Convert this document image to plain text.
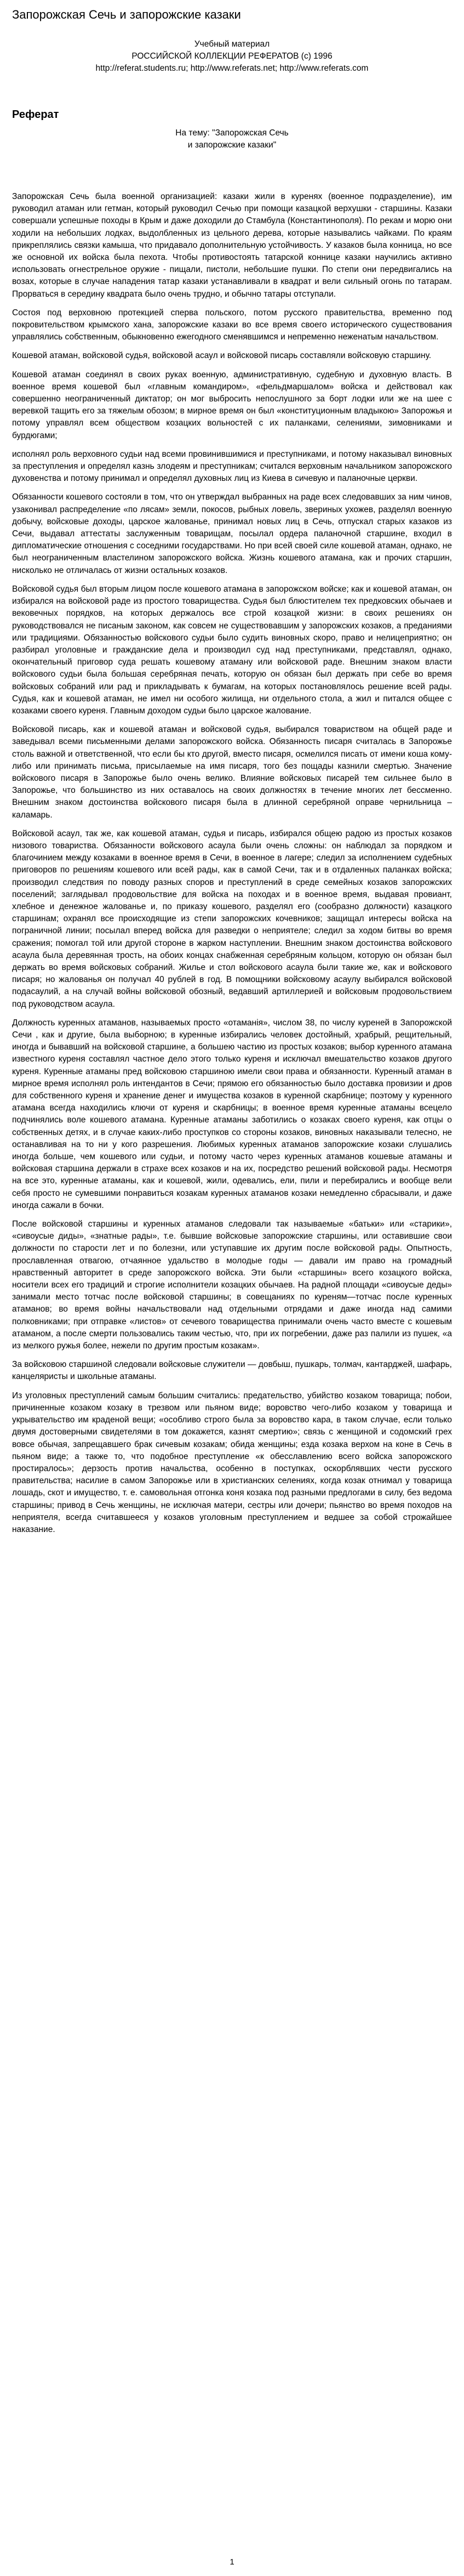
Запорожская Сечь и запорожские казаки
Учебный материал
РОССИЙСКОЙ КОЛЛЕКЦИИ РЕФЕРАТОВ (с) 1996
http://referat.students.ru; http://www.referats.net; http://www.referats.com
Реферат
На тему: "Запорожская Сечь
и запорожские казаки"

Запорожская Сечь была военной организацией: казаки жили в куренях (военное подразделение), им руководил атаман или гетман, который руководил Сечью при помощи казацкой верхушки - старшины. Казаки совершали успешные походы в Крым и даже доходили до Стамбула (Константинополя). По рекам и морю они ходили на небольших лодках, выдолбленных из цельного дерева, которые назывались чайками. По краям прикреплялись связки камыша, что придавало дополнительную устойчивость. У казаков была конница, но все же основной их войска была пехота. Чтобы противостоять татарской коннице казаки научились активно использовать огнестрельное оружие - пищали, пистоли, небольшие пушки. По степи они передвигались на возах, которые в случае нападения татар казаки устанавливали в квадрат и вели сильный огонь по татарам. Прорваться в середину квадрата было очень трудно, и обычно татары отступали.

Состоя под верховною протекцией сперва польского, потом русского правительства, временно под покровительством крымского хана, запорожские казаки во все время своего исторического существования управлялись собственным, обыкновенно ежегодного сменявшимся и непременно неженатым начальством.

Кошевой атаман, войсковой судья, войсковой асаул и войсковой писарь составляли войсковую старшину.

Кошевой атаман соединял в своих руках военную, административную, судебную и духовную власть. В военное время кошевой был «главным командиром», «фельдмаршалом» войска и действовал как совершенно неограниченный диктатор; он мог выбросить непослушного за борт лодки или же на шее с веревкой тащить его за тяжелым обозом; в мирное время он был «конституционным владыкою» Запорожья и потому управлял всем обществом козацких вольностей с их паланками, селениями, зимовниками и бурдюгами;

исполнял роль верховного судьи над всеми провинившимися и преступниками, и потому наказывал виновных за преступления и определял казнь злодеям и преступникам; считался верховным начальником запорожского духовенства и потому принимал и определял духовных лиц из Киева в сичевую и паланочные церкви.

Обязанности кошевого состояли в том, что он утверждал выбранных на раде всех следовавших за ним чинов, узаконивал распределение «по лясам» земли, покосов, рыбных ловель, звериных ухожев, разделял военную добычу, войсковые доходы, царское жалованье, принимал новых лиц в Сечь, отпускал старых казаков из Сечи, выдавал аттестаты заслуженным товарищам, посылал ордера паланочной старшине, входил в дипломатические отношения с соседними государствами. Но при всей своей силе кошевой атаман, однако, не был неограниченным властелином запорожского войска. Жизнь кошевого атамана, как и прочих старшин, нисколько не отличалась от жизни остальных козаков.

Войсковой судья был вторым лицом после кошевого атамана в запорожском войске; как и кошевой атаман, он избирался на войсковой раде из простого товарищества. Судья был блюстителем тех предковских обычаев и вековечных порядков, на которых держалось все строй козацкой жизни: в своих решениях он руководствовался не писаным законом, как совсем не существовавшим у запорожских козаков, а преданиями или традициями. Обязанностью войскового судьи было судить виновных скоро, право и нелицеприятно; он разбирал уголовные и гражданские дела и производил суд над преступниками, представлял, однако, окончательный приговор суда решать кошевому атаману или войсковой раде. Внешним знаком власти войскового судьи была большая серебряная печать, которую он обязан был держать при себе во время войсковых собраний или рад и прикладывать к бумагам, на которых постановлялось решение всей рады. Судья, как и кошевой атаман, не имел ни особого жилища, ни отдельного стола, а жил и питался общее с козаками своего куреня. Главным доходом судьи было царское жалование.

Войсковой писарь, как и кошевой атаман и войсковой судья, выбирался товариством на общей раде и заведывал всеми письменными делами запорожского войска. Обязанность писаря считалась в Запорожье столь важной и ответственной, что если бы кто другой, вместо писаря, осмелился писать от имени коша кому-либо или принимать письма, присылаемые на имя писаря, того без пощады казнили смертью. Значение войскового писаря в Запорожье было очень велико. Влияние войсковых писарей тем сильнее было в Запорожье, что большинство из них оставалось на своих должностях в течение многих лет бессменно. Внешним знаком достоинства войскового писаря была в длинной серебряной оправе чернильница – каламарь.

Войсковой асаул, так же, как кошевой атаман, судья и писарь, избирался общею радою из простых козаков низового товариства. Обязанности войскового асаула были очень сложны: он наблюдал за порядком и благочинием между козаками в военное время в Сечи, в военное в лагере; следил за исполнением судебных приговоров по решениям кошевого или всей рады, как в самой Сечи, так и в отдаленных паланках войска; производил следствия по поводу разных споров и преступлений в среде семейных козаков запорожских поселений; заглядывал продовольствие для войска на походах и в военное время, выдавая провиант, хлебное и денежное жалованье и, по приказу кошевого, разделял его (сообразно должности) казацкого старшинам; охранял все происходящие из степи запорожских кочевников; защищал интересы войска на пограничной линии; посылал вперед войска для разведки о неприятеле; следил за ходом битвы во время сражения; помогал той или другой стороне в жарком наступлении. Внешним знаком достоинства войскового асаула была деревянная трость, на обоих концах снабженная серебряным кольцом, которую он обязан был держать во время войсковых собраний. Жилье и стол войскового асаула были такие же, как и войскового писаря; но жалованья он получал 40 рублей в год. В помощники войсковому асаулу выбирался войсковой подасаулий, а на случай войны войсковой обозный, ведавший артиллерией и войсковым продовольствием под руководством асаула.

Должность куренных атаманов, называемых просто «отаманія», числом 38, по числу куреней в Запорожской Сечи , как и другие, была выборною; в куренные избирались человек достойный, храбрый, рещительный, иногда и бывавший на войсковой старшине, а большею частию из простых козаков; выбор куренного атамана известного куреня составлял частное дело этого только куреня и исключал вмешательство козаков другого куреня. Куренные атаманы пред войсковою старшиною имели свои права и обязанности. Куренный атаман в мирное время исполнял роль интендантов в Сечи; прямою его обязанностью было доставка провизии и дров для собственного куреня и хранение денег и имущества козаков в куренной скарбнице; поэтому у куренного атамана всегда находились ключи от куреня и скарбницы; в военное время куренные атаманы всецело подчинялись воле кошевого атамана. Куренные атаманы заботились о козаках своего куреня, как отцы о собственных детях, и в случае каких-либо проступков со стороны козаков, виновных наказывали телесно, не останавливая на то ни у кого разрешения. Любимых куренных атаманов запорожские козаки слушались иногда больше, чем кошевого или судьи, и потому часто через куренных атаманов кошевые атаманы и войсковая старшина держали в страхе всех козаков и на их, посредство решений войсковой рады. Несмотря на все это, куренные атаманы, как и кошевой, жили, одевались, ели, пили и перебирались и вообще вели себя просто не сумевшими понравиться козакам куренных атаманов козаки немедленно сбрасывали, и даже иногда сажали в бочки.

После войсковой старшины и куренных атаманов следовали так называемые «батьки» или «старики», «сивоусые диды», «знатные рады», т.е. бывшие войсковые запорожские старшины, или оставившие свои должности по старости лет и по болезни, или уступавшие их другим после войсковой рады. Опытность, прославленная отвагою, отчаянное удальство в молодые годы — давали им право на громадный нравственный авторитет в среде запорожского войска. Эти были «старшины» всего козацкого войска, носители всех его традиций и строгие исполнители козацких обычаев. На радной площади «сивоусые деды» занимали место тотчас после войсковой старшины; в совещаниях по куреням—тотчас после куренных атаманов; во время войны начальствовали над отдельными отрядами и даже иногда над самими полковниками; при отправке «листов» от сечевого товарищества принимали очень часто вместе с кошевым атаманом, а после смерти пользовались таким честью, что, при их погребении, даже раз палили из пушек, «а из мелкого ружья более, нежели по другим простым козакам».

За войсковою старшиной следовали войсковые служители — довбыш, пушкарь, толмач, кантарджей, шафарь, канцеляристы и школьные атаманы.

Из уголовных преступлений самым большим считались: предательство, убийство козаком товарища; побои, причиненные козаком козаку в трезвом или пьяном виде; воровство чего-либо козаком у товарища и укрывательство им краденой вещи; «особливо строго была за воровство кара, в таком случае, если только двумя достоверными свидетелями в том докажется, казнят смертию»; связь с женщиной и содомский грех вовсе обычая, запрещавшего брак сичевым козакам; обида женщины; езда козака верхом на коне в Сечь в пьяном виде; а также то, что подобное преступление «к обесславлению всего войска запорожского простиралось»; дерзость против начальства, особенно в поступках, оскорблявших чести русского правительства; насилие в самом Запорожье или в христианских селениях, когда козак отнимал у товарища лошадь, скот и имущество, т. е. самовольная отгонка коня козака под разными предлогами в силу, без ведома старшины; привод в Сечь женщины, не исключая матери, сестры или дочери; пьянство во время походов на неприятеля, всегда считавшееся у козаков уголовным преступлением и ведшее за собой строжайшее наказание.

1
